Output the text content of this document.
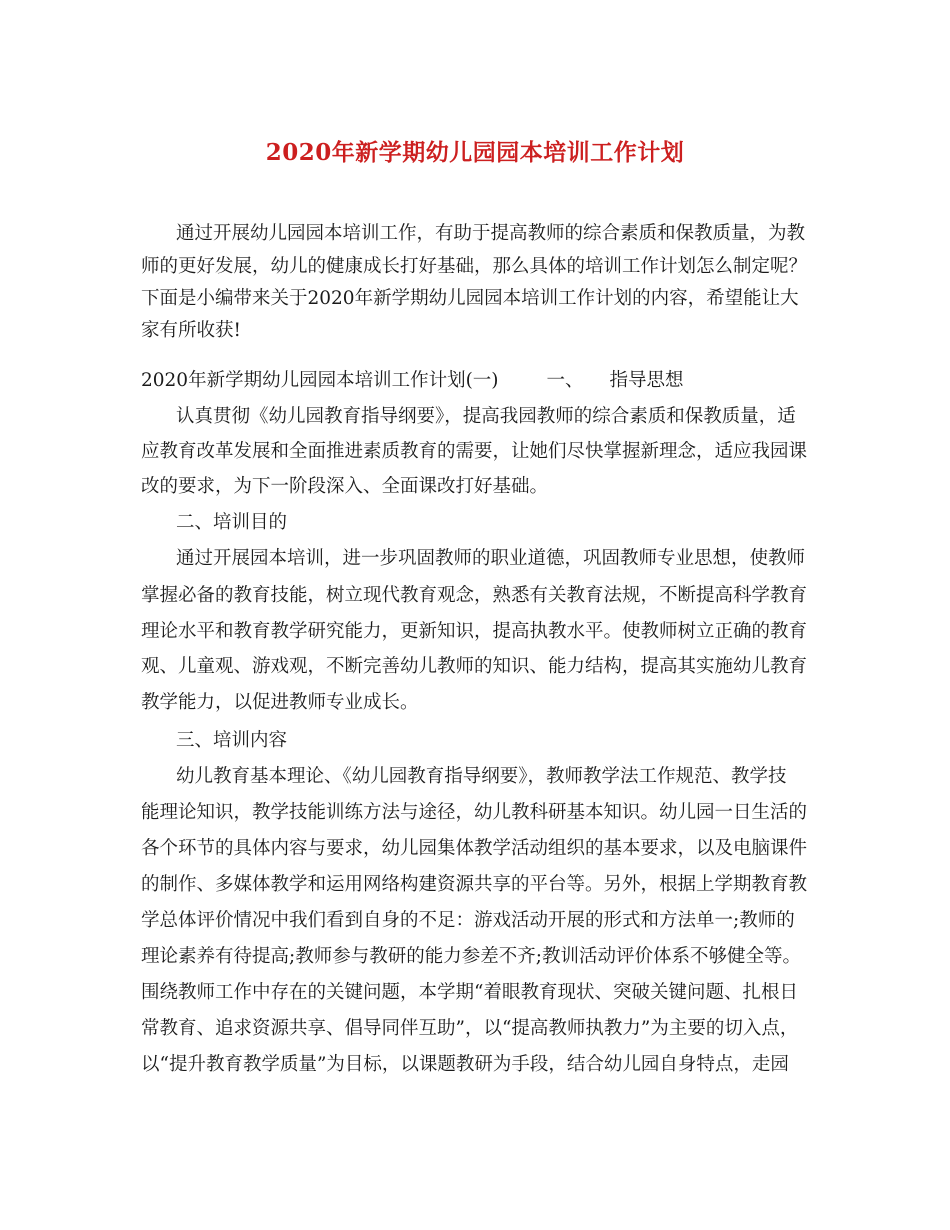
2020年新学期幼儿园园本培训工作计划
通过开展幼儿园园本培训工作，有助于提高教师的综合素质和保教质量，为教
师的更好发展，幼儿的健康成长打好基础，那么具体的培训工作计划怎么制定呢？
下面是小编带来关于2020年新学期幼儿园园本培训工作计划的内容，希望能让大
家有所收获!
2020年新学期幼儿园园本培训工作计划(一)	一、 指导思想
认真贯彻《幼儿园教育指导纲要》，提高我园教师的综合素质和保教质量，适
应教育改革发展和全面推进素质教育的需要，让她们尽快掌握新理念，适应我园课
改的要求，为下一阶段深入、全面课改打好基础。
二、培训目的
通过开展园本培训，进一步巩固教师的职业道德，巩固教师专业思想，使教师
掌握必备的教育技能，树立现代教育观念，熟悉有关教育法规，不断提高科学教育
理论水平和教育教学研究能力，更新知识，提高执教水平。使教师树立正确的教育
观、儿童观、游戏观，不断完善幼儿教师的知识、能力结构，提高其实施幼儿教育
教学能力，以促进教师专业成长。
三、培训内容
幼儿教育基本理论、《幼儿园教育指导纲要》，教师教学法工作规范、教学技
能理论知识，教学技能训练方法与途径，幼儿教科研基本知识。幼儿园一日生活的
各个环节的具体内容与要求，幼儿园集体教学活动组织的基本要求，以及电脑课件
的制作、多媒体教学和运用网络构建资源共享的平台等。另外，根据上学期教育教
学总体评价情况中我们看到自身的不足：游戏活动开展的形式和方法单一;教师的
理论素养有待提高;教师参与教研的能力参差不齐;教训活动评价体系不够健全等。
围绕教师工作中存在的关键问题，本学期“着眼教育现状、突破关键问题、扎根日
常教育、追求资源共享、倡导同伴互助”，以“提高教师执教力”为主要的切入点，
以“提升教育教学质量”为目标，以课题教研为手段，结合幼儿园自身特点，走园
